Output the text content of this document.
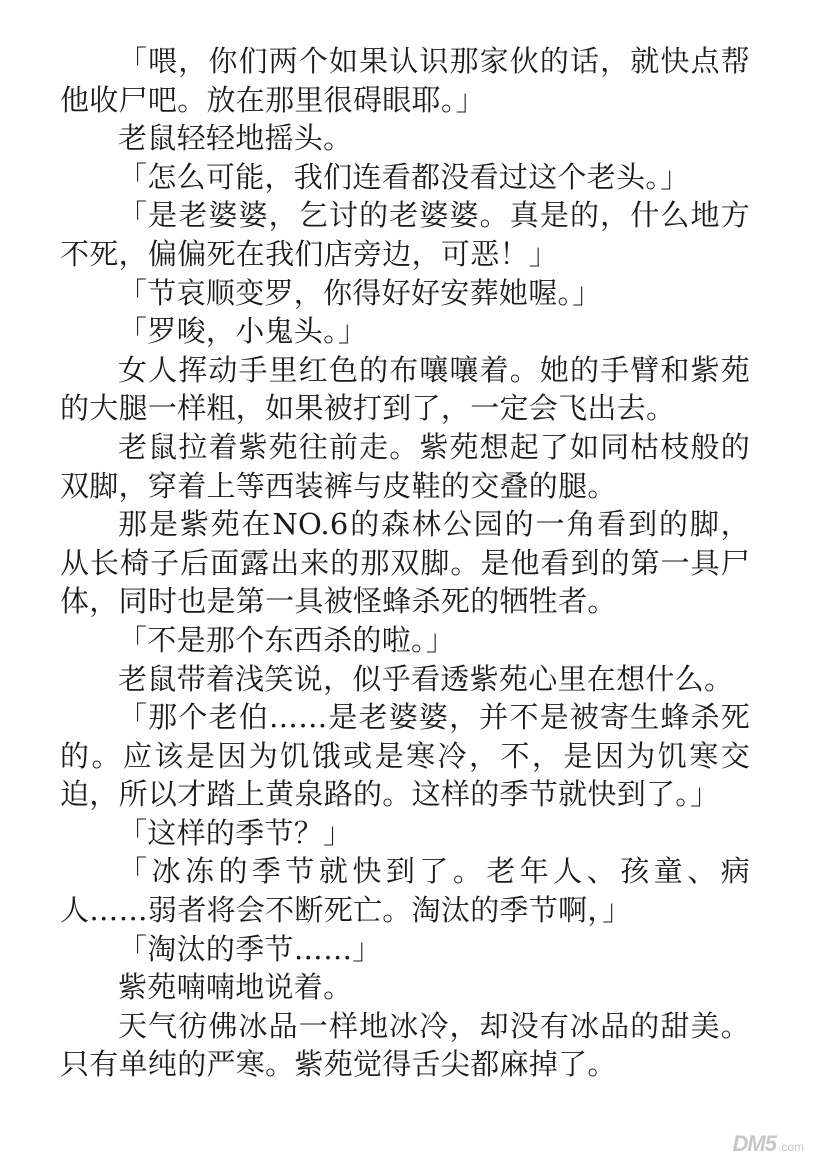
「喂，你们两个如果认识那家伙的话，就快点帮他收尸吧。放在那里很碍眼耶。」

老鼠轻轻地摇头。

「怎么可能，我们连看都没看过这个老头。」

「是老婆婆，乞讨的老婆婆。真是的，什么地方不死，偏偏死在我们店旁边，可恶！」

「节哀顺变罗，你得好好安葬她喔。」

「罗唆，小鬼头。」

女人挥动手里红色的布嚷嚷着。她的手臂和紫苑的大腿一样粗，如果被打到了，一定会飞出去。

老鼠拉着紫苑往前走。紫苑想起了如同枯枝般的双脚，穿着上等西装裤与皮鞋的交叠的腿。

那是紫苑在NO.6的森林公园的一角看到的脚，从长椅子后面露出来的那双脚。是他看到的第一具尸体，同时也是第一具被怪蜂杀死的牺牲者。

「不是那个东西杀的啦。」

老鼠带着浅笑说，似乎看透紫苑心里在想什么。

「那个老伯……是老婆婆，并不是被寄生蜂杀死的。应该是因为饥饿或是寒冷，不，是因为饥寒交迫，所以才踏上黄泉路的。这样的季节就快到了。」

「这样的季节？」

「冰冻的季节就快到了。老年人、孩童、病人……弱者将会不断死亡。淘汰的季节啊，」

「淘汰的季节……」

紫苑喃喃地说着。

天气彷佛冰品一样地冰冷，却没有冰品的甜美。只有单纯的严寒。紫苑觉得舌尖都麻掉了。

DM5 .com
